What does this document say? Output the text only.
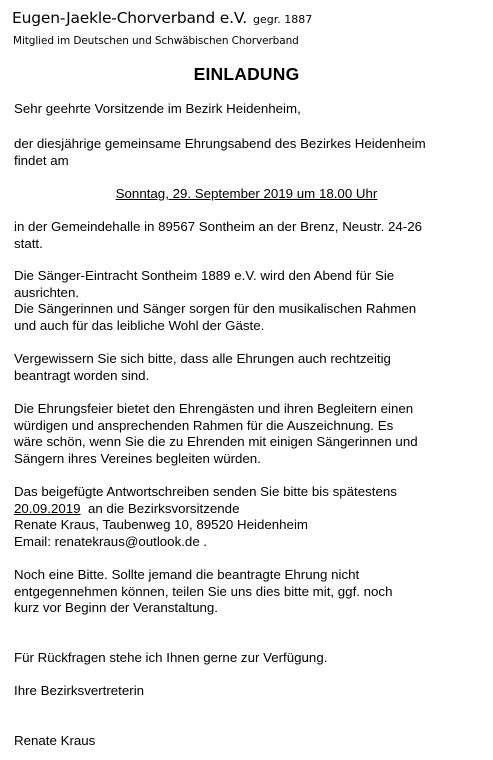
Eugen-Jaekle-Chorverband e.V. gegr. 1887
Mitglied im Deutschen und Schwäbischen Chorverband
EINLADUNG
Sehr geehrte Vorsitzende im Bezirk Heidenheim,
der diesjährige gemeinsame Ehrungsabend des Bezirkes Heidenheim
findet am
Sonntag, 29. September 2019 um 18.00 Uhr
in der Gemeindehalle in 89567 Sontheim an der Brenz, Neustr. 24-26
statt.
Die Sänger-Eintracht Sontheim 1889 e.V. wird den Abend für Sie
ausrichten.
Die Sängerinnen und Sänger sorgen für den musikalischen Rahmen
und auch für das leibliche Wohl der Gäste.
Vergewissern Sie sich bitte, dass alle Ehrungen auch rechtzeitig
beantragt worden sind.
Die Ehrungsfeier bietet den Ehrengästen und ihren Begleitern einen
würdigen und ansprechenden Rahmen für die Auszeichnung. Es
wäre schön, wenn Sie die zu Ehrenden mit einigen Sängerinnen und
Sängern ihres Vereines begleiten würden.
Das beigefügte Antwortschreiben senden Sie bitte bis spätestens
20.09.2019  an die Bezirksvorsitzende
Renate Kraus, Taubenweg 10, 89520 Heidenheim
Email: renatekraus@outlook.de .
Noch eine Bitte. Sollte jemand die beantragte Ehrung nicht
entgegennehmen können, teilen Sie uns dies bitte mit, ggf. noch
kurz vor Beginn der Veranstaltung.
Für Rückfragen stehe ich Ihnen gerne zur Verfügung.
Ihre Bezirksvertreterin
Renate Kraus
